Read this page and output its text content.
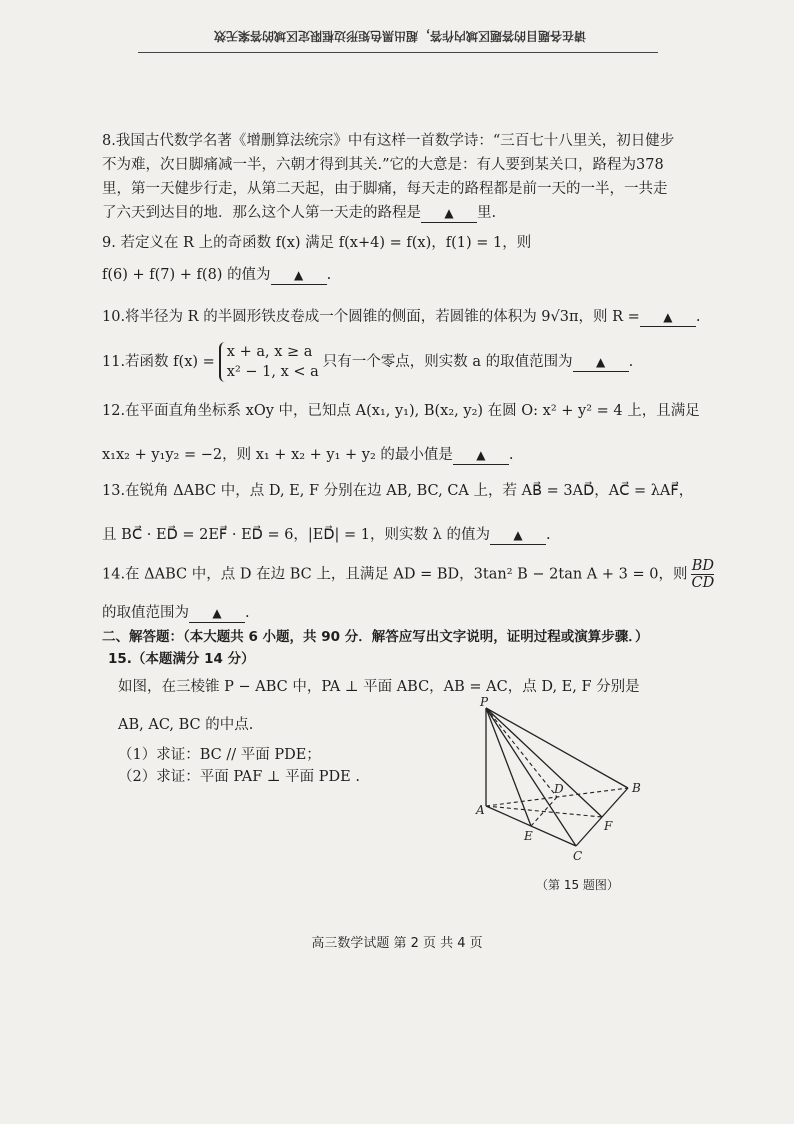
请在各题目的答题区域内作答，超出黑色矩形边框限定区域的答案无效
8.我国古代数学名著《增删算法统宗》中有这样一首数学诗：“三百七十八里关，初日健步
不为难，次日脚痛减一半，六朝才得到其关.”它的大意是：有人要到某关口，路程为378
里，第一天健步行走，从第二天起，由于脚痛，每天走的路程都是前一天的一半，一共走
了六天到达目的地．那么这个人第一天走的路程是 ▲ 里.
9. 若定义在 R 上的奇函数 f(x) 满足 f(x+4) = f(x)，f(1) = 1，则
f(6) + f(7) + f(8) 的值为 ▲ .
10.将半径为 R 的半圆形铁皮卷成一个圆锥的侧面，若圆锥的体积为 9√3π，则 R = ▲ .
11.若函数 f(x) =
x + a, x ≥ a
x² − 1, x < a
只有一个零点，则实数 a 的取值范围为 ▲ .
12.在平面直角坐标系 xOy 中，已知点 A(x₁, y₁), B(x₂, y₂) 在圆 O: x² + y² = 4 上，且满足
x₁x₂ + y₁y₂ = −2，则 x₁ + x₂ + y₁ + y₂ 的最小值是 ▲ .
13.在锐角 ΔABC 中，点 D, E, F 分别在边 AB, BC, CA 上，若 AB⃗ = 3AD⃗，AC⃗ = λAF⃗，
且 BC⃗ · ED⃗ = 2EF⃗ · ED⃗ = 6，|ED⃗| = 1，则实数 λ 的值为 ▲ .
14.在 ΔABC 中，点 D 在边 BC 上，且满足 AD = BD，3tan² B − 2tan A + 3 = 0，则 $\frac{BD}{CD}$
的取值范围为 ▲ .
二、解答题：（本大题共 6 小题，共 90 分．解答应写出文字说明，证明过程或演算步骤．）
15.（本题满分 14 分）
如图，在三棱锥 P − ABC 中，PA ⊥ 平面 ABC，AB = AC，点 D, E, F 分别是
AB, AC, BC 的中点.
（1）求证：BC // 平面 PDE；
（2）求证：平面 PAF ⊥ 平面 PDE .
P
A
B
C
D
E
F
（第 15 题图）
高三数学试题 第 2 页 共 4 页
